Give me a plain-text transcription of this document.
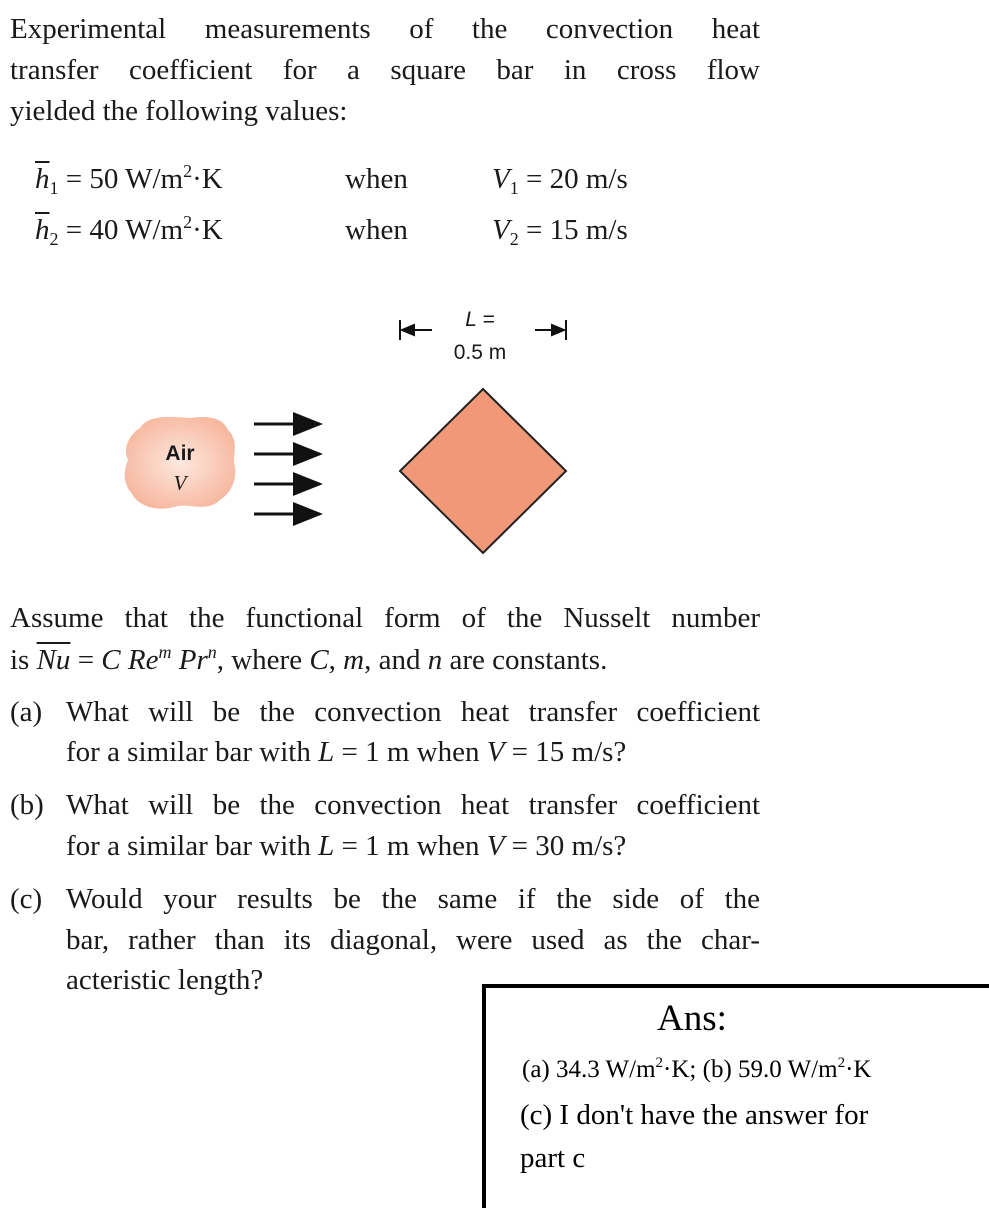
Experimental measurements of the convection heat
transfer coefficient for a square bar in cross flow
yielded the following values:
$\overline{h}_1 = 50$ $W/m^2\cdot K$	when	$V_1 = 20$ m/s
$\overline{h}_2 = 40$ $W/m^2\cdot K$	when	$V_2 = 15$ m/s
L =
0.5 m
Air
V
Assume that the functional form of the Nusselt number
is $\overline{Nu} = C$ Re$^m$ Pr$^n$, where C, m, and n are constants.
(a) What will be the convection heat transfer coefficient
for a similar bar with L = 1 m when V = 15 m/s?
(b) What will be the convection heat transfer coefficient
for a similar bar with L = 1 m when V = 30 m/s?
(c) Would your results be the same if the side of the
bar, rather than its diagonal, were used as the char-
acteristic length?
Ans:
(a) 34.3 $W/m^2\cdot K$; (b) 59.0 $W/m^2\cdot K$
(c) I don't have the answer for
part c
